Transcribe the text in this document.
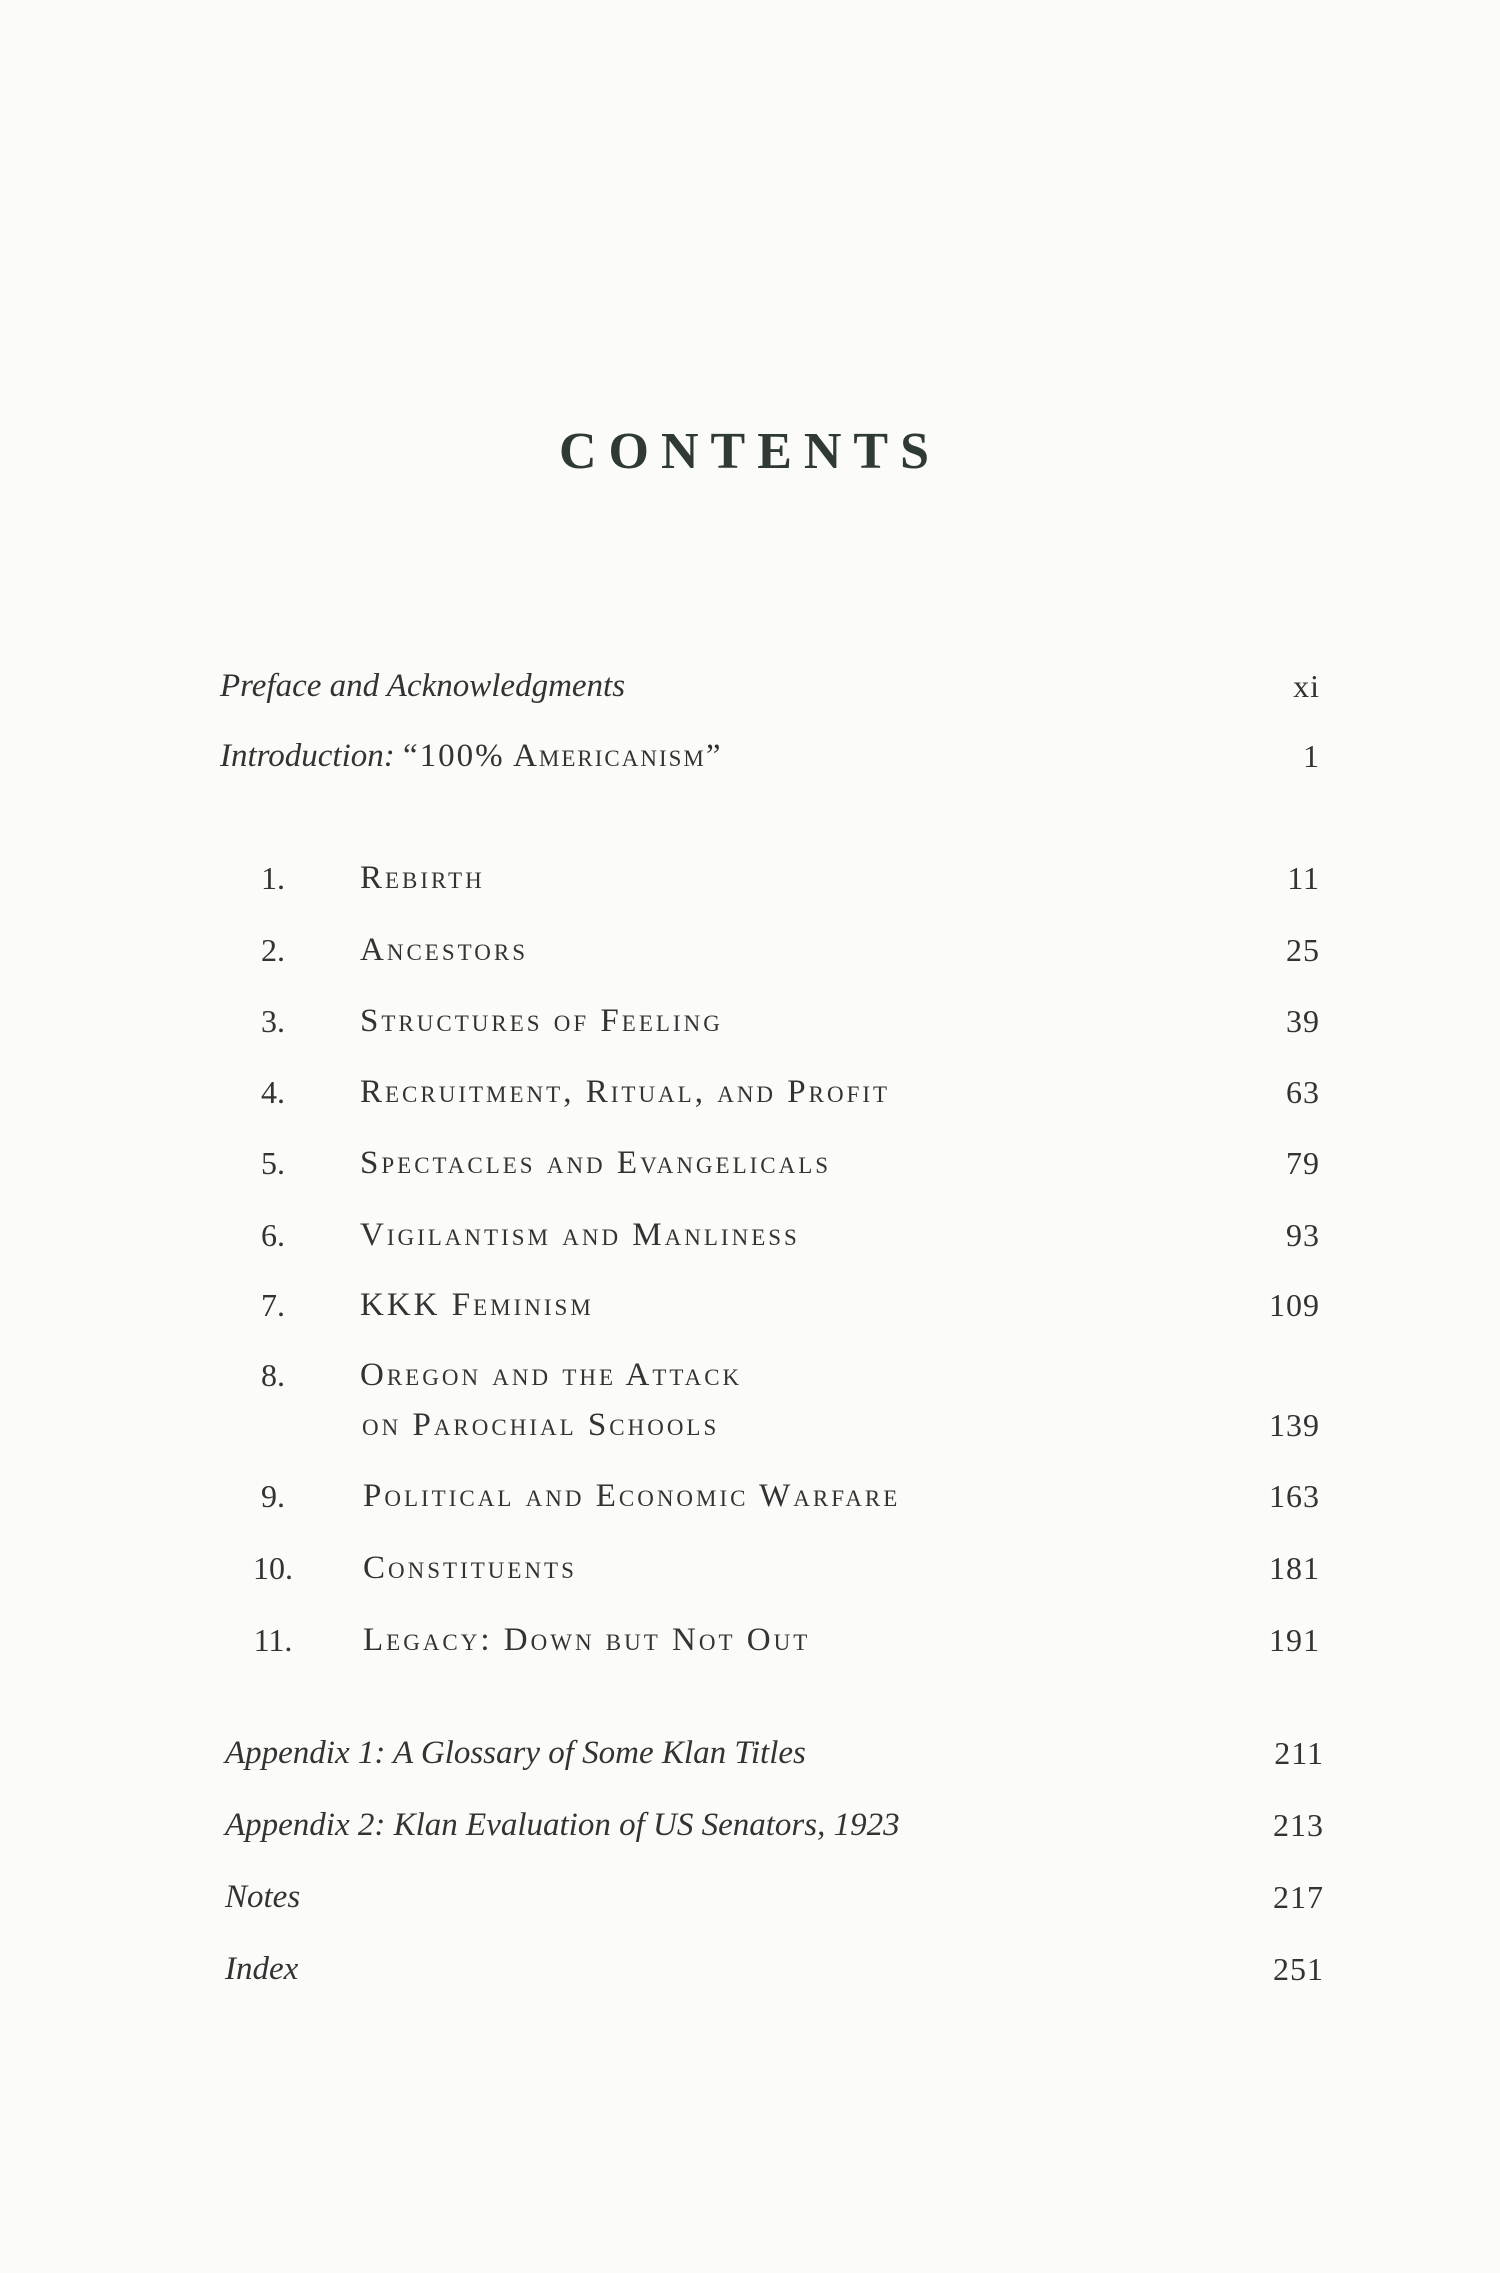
CONTENTS
Preface and Acknowledgments	xi
Introduction: “100% Americanism”	1
1.	Rebirth	11
2.	Ancestors	25
3.	Structures of Feeling	39
4.	Recruitment, Ritual, and Profit	63
5.	Spectacles and Evangelicals	79
6.	Vigilantism and Manliness	93
7.	KKK Feminism	109
8.	Oregon and the Attack
on Parochial Schools	139
9.	Political and Economic Warfare	163
10. Constituents	181
11. Legacy: Down but Not Out	191
Appendix 1: A Glossary of Some Klan Titles	211
Appendix 2: Klan Evaluation of US Senators, 1923	213
Notes	217
Index	251
